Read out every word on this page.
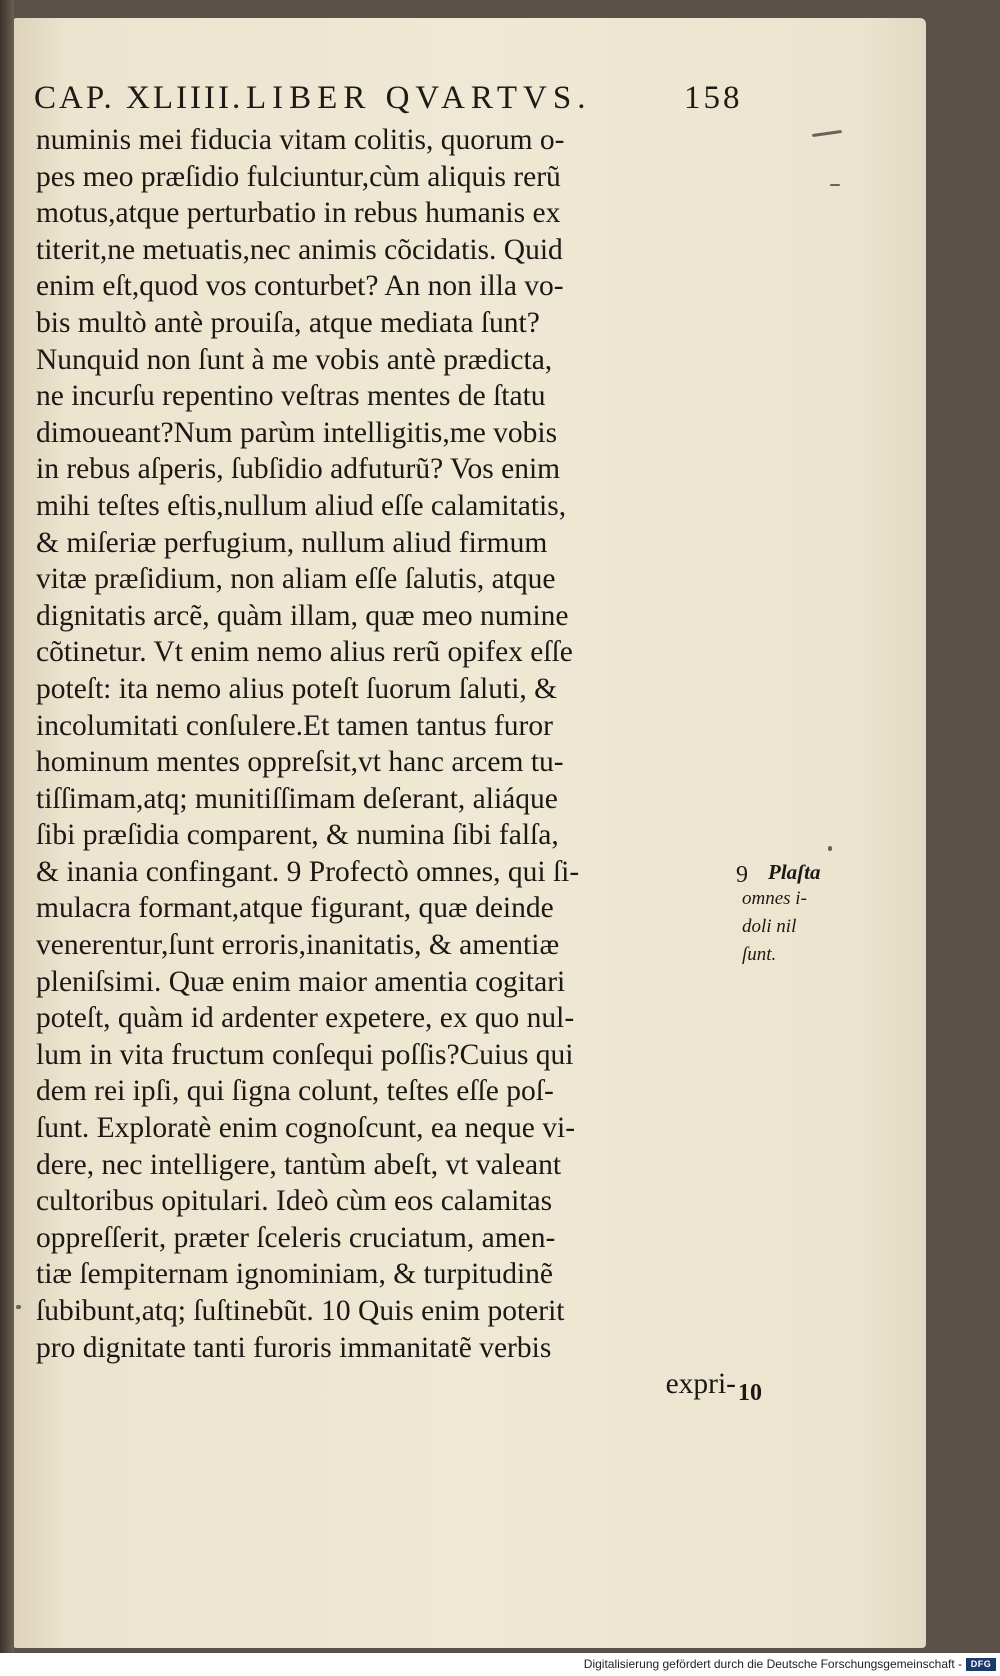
CAP. XLIIII. LIBER QVARTVS.	158
numinis mei fiducia vitam colitis, quorum o-
pes meo præſidio fulciuntur,cùm aliquis rerũ
motus,atque perturbatio in rebus humanis ex
titerit,ne metuatis,nec animis cõcidatis. Quid
enim eſt,quod vos conturbet? An non illa vo-
bis multò antè prouiſa, atque mediata ſunt?
Nunquid non ſunt à me vobis antè prædicta,
ne incurſu repentino veſtras mentes de ſtatu
dimoueant?Num parùm intelligitis,me vobis
in rebus aſperis, ſubſidio adfuturũ? Vos enim
mihi teſtes eſtis,nullum aliud eſſe calamitatis,
& miſeriæ perfugium, nullum aliud firmum
vitæ præſidium, non aliam eſſe ſalutis, atque
dignitatis arcẽ, quàm illam, quæ meo numine
cõtinetur. Vt enim nemo alius rerũ opifex eſſe
poteſt: ita nemo alius poteſt ſuorum ſaluti, &
incolumitati conſulere.Et tamen tantus furor
hominum mentes oppreſsit,vt hanc arcem tu-
tiſſimam,atq; munitiſſimam deſerant, aliáque
ſibi præſidia comparent, & numina ſibi falſa,
& inania confingant. 9 Profectò omnes, qui ſi-
mulacra formant,atque figurant, quæ deinde
venerentur,ſunt erroris,inanitatis, & amentiæ
pleniſsimi. Quæ enim maior amentia cogitari
poteſt, quàm id ardenter expetere, ex quo nul-
lum in vita fructum conſequi poſſis?Cuius qui
dem rei ipſi, qui ſigna colunt, teſtes eſſe poſ-
ſunt. Exploratè enim cognoſcunt, ea neque vi-
dere, nec intelligere, tantùm abeſt, vt valeant
cultoribus opitulari. Ideò cùm eos calamitas
oppreſſerit, præter ſceleris cruciatum, amen-
tiæ ſempiternam ignominiam, & turpitudinẽ
ſubibunt,atq; ſuſtinebũt. 10 Quis enim poterit
pro dignitate tanti furoris immanitatẽ verbis
expri-
9 Plaſta
omnes i-
doli nil
ſunt.
10
Digitalisierung gefördert durch die Deutsche Forschungsgemeinschaft - DFG
